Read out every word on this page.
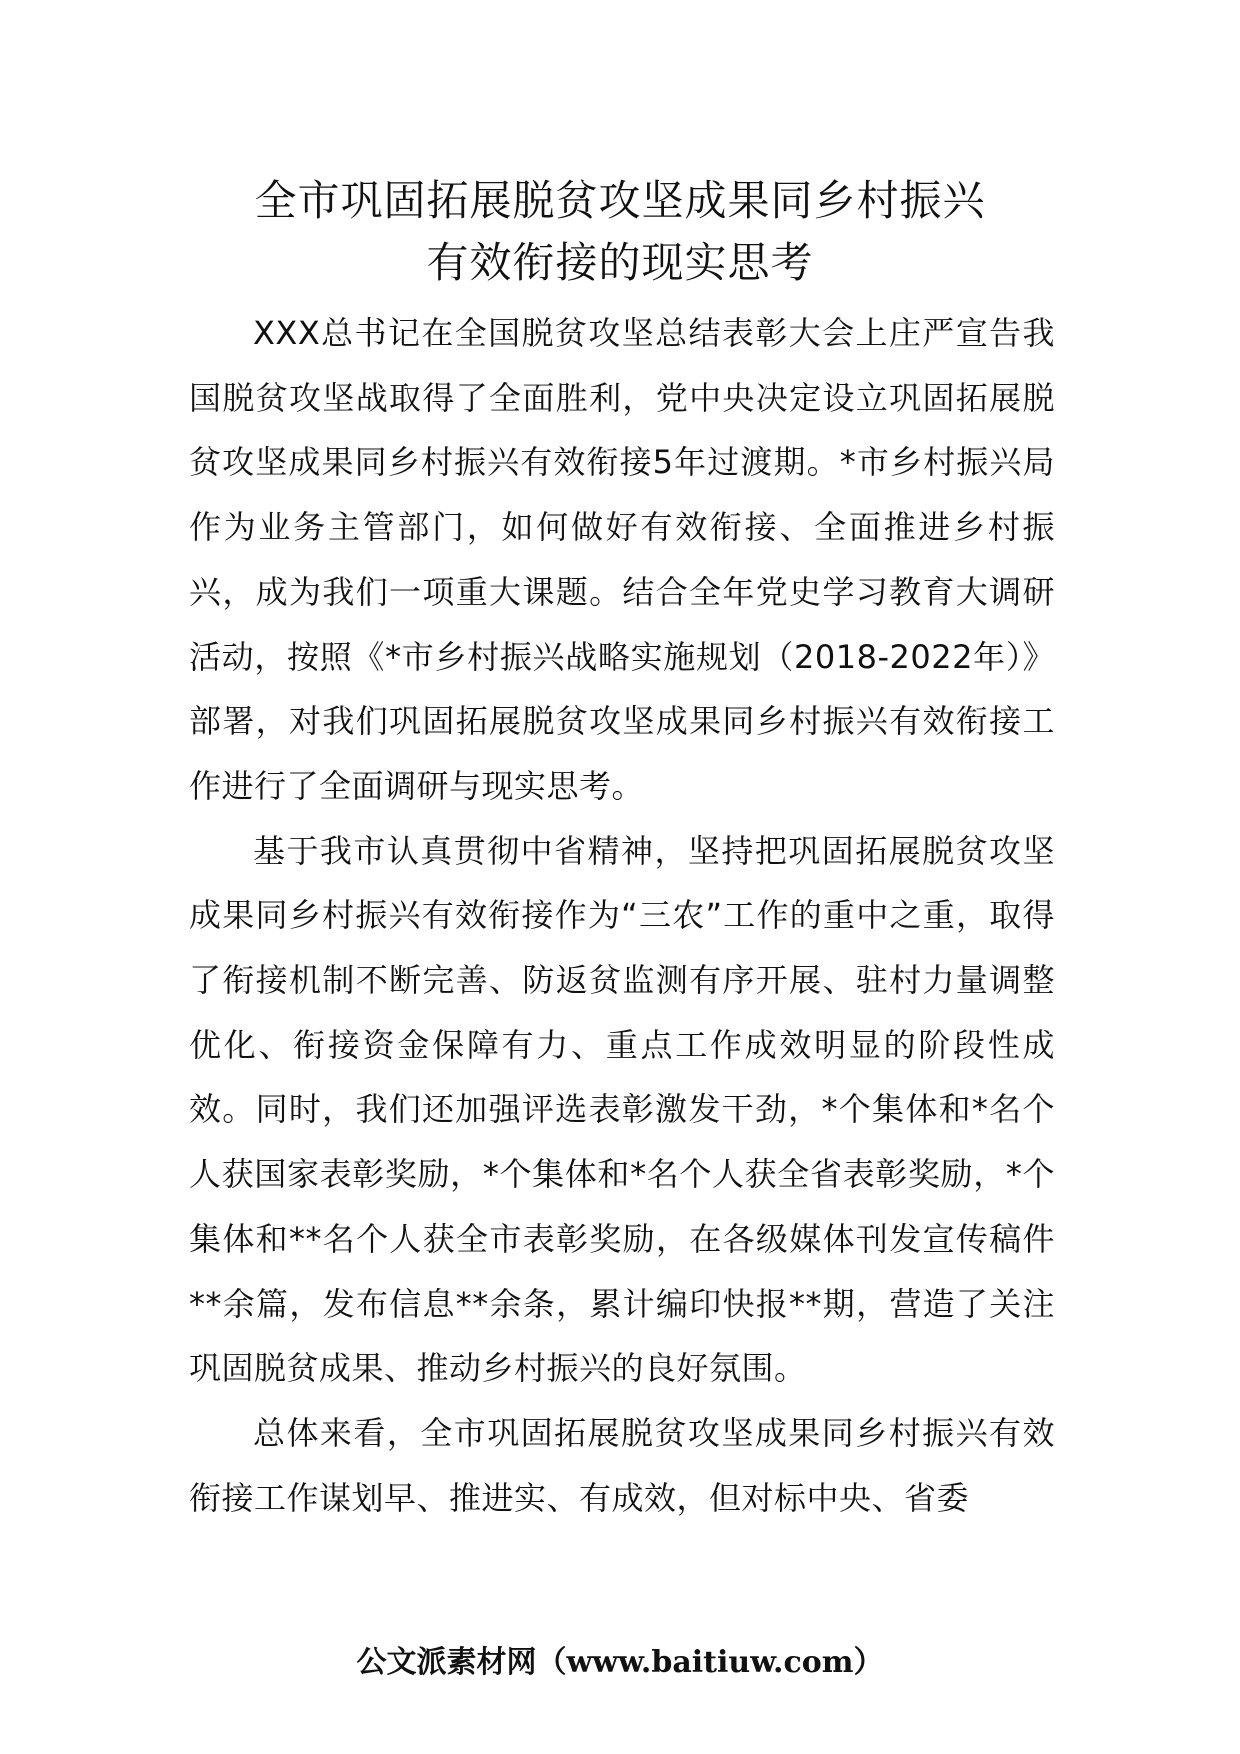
全市巩固拓展脱贫攻坚成果同乡村振兴
有效衔接的现实思考

XXX总书记在全国脱贫攻坚总结表彰大会上庄严宣告我国脱贫攻坚战取得了全面胜利，党中央决定设立巩固拓展脱贫攻坚成果同乡村振兴有效衔接5年过渡期。*市乡村振兴局作为业务主管部门，如何做好有效衔接、全面推进乡村振兴，成为我们一项重大课题。结合全年党史学习教育大调研活动，按照《*市乡村振兴战略实施规划（2018-2022年）》部署，对我们巩固拓展脱贫攻坚成果同乡村振兴有效衔接工作进行了全面调研与现实思考。

基于我市认真贯彻中省精神，坚持把巩固拓展脱贫攻坚成果同乡村振兴有效衔接作为“三农”工作的重中之重，取得了衔接机制不断完善、防返贫监测有序开展、驻村力量调整优化、衔接资金保障有力、重点工作成效明显的阶段性成效。同时，我们还加强评选表彰激发干劲，*个集体和*名个人获国家表彰奖励，*个集体和*名个人获全省表彰奖励，*个集体和**名个人获全市表彰奖励，在各级媒体刊发宣传稿件**余篇，发布信息**余条，累计编印快报**期，营造了关注巩固脱贫成果、推动乡村振兴的良好氛围。

总体来看，全市巩固拓展脱贫攻坚成果同乡村振兴有效衔接工作谋划早、推进实、有成效，但对标中央、省委

公文派素材网（www.baitiuw.com）
